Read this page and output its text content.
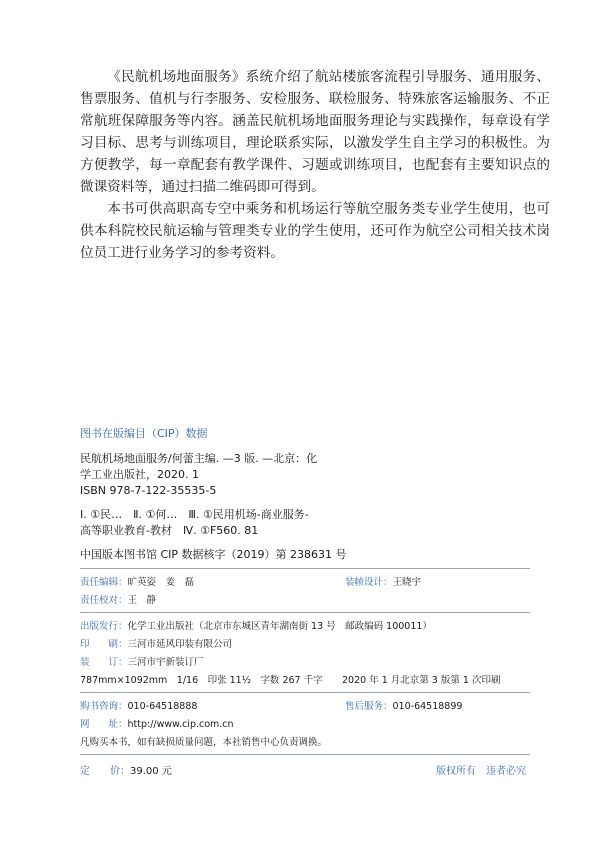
《民航机场地面服务》系统介绍了航站楼旅客流程引导服务、通用服务、售票服务、值机与行李服务、安检服务、联检服务、特殊旅客运输服务、不正常航班保障服务等内容。涵盖民航机场地面服务理论与实践操作，每章设有学习目标、思考与训练项目，理论联系实际，以激发学生自主学习的积极性。为方便教学，每一章配套有教学课件、习题或训练项目，也配套有主要知识点的微课资料等，通过扫描二维码即可得到。

本书可供高职高专空中乘务和机场运行等航空服务类专业学生使用，也可供本科院校民航运输与管理类专业的学生使用，还可作为航空公司相关技术岗位员工进行业务学习的参考资料。

图书在版编目（CIP）数据
民航机场地面服务/何蕾主编. —3 版. —北京：化
学工业出版社，2020. 1
ISBN 978-7-122-35535-5
Ⅰ. ①民…　Ⅱ. ①何…　Ⅲ. ①民用机场-商业服务-
高等职业教育-教材　Ⅳ. ①F560. 81
中国版本图书馆 CIP 数据核字（2019）第 238631 号
责任编辑：旷英姿　姜　磊	装帧设计：王晓宇
责任校对：王　静
出版发行：化学工业出版社（北京市东城区青年湖南街 13 号　邮政编码 100011）
印　　刷：三河市延风印装有限公司
装　　订：三河市宇新装订厂
787mm×1092mm　1/16　印张 11½　字数 267 千字 2020 年 1 月北京第 3 版第 1 次印刷
购书咨询：010-64518888	售后服务：010-64518899
网　　址：http://www.cip.com.cn
凡购买本书，如有缺损质量问题，本社销售中心负责调换。
定　　价：39.00 元	版权所有　违者必究
